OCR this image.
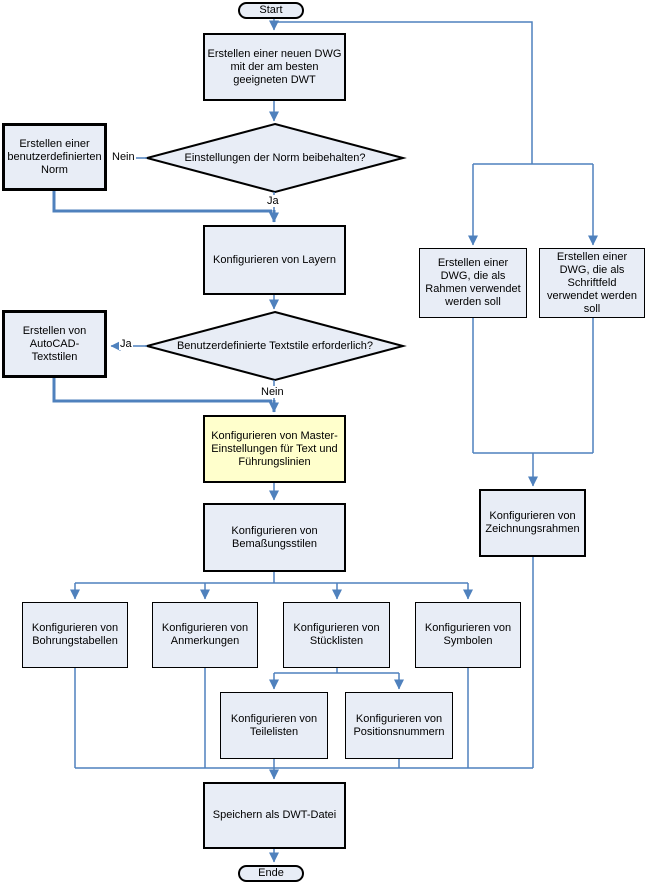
Start
Ende
Erstellen einer neuen DWG mit der am besten geeigneten DWT
Konfigurieren von Layern
Konfigurieren von Master-Einstellungen für Text und Führungslinien
Konfigurieren von Bemaßungsstilen
Speichern als DWT-Datei
Erstellen einer benutzerdefinierten Norm
Erstellen von AutoCAD-Textstilen
Einstellungen der Norm beibehalten?
Benutzerdefinierte Textstile erforderlich?
Nein
Ja
Ja
Nein
Konfigurieren von Bohrungstabellen
Konfigurieren von Anmerkungen
Konfigurieren von Stücklisten
Konfigurieren von Symbolen
Konfigurieren von Teilelisten
Konfigurieren von Positionsnummern
Erstellen einer DWG, die als Rahmen verwendet werden soll
Erstellen einer DWG, die als Schriftfeld verwendet werden soll
Konfigurieren von Zeichnungsrahmen
